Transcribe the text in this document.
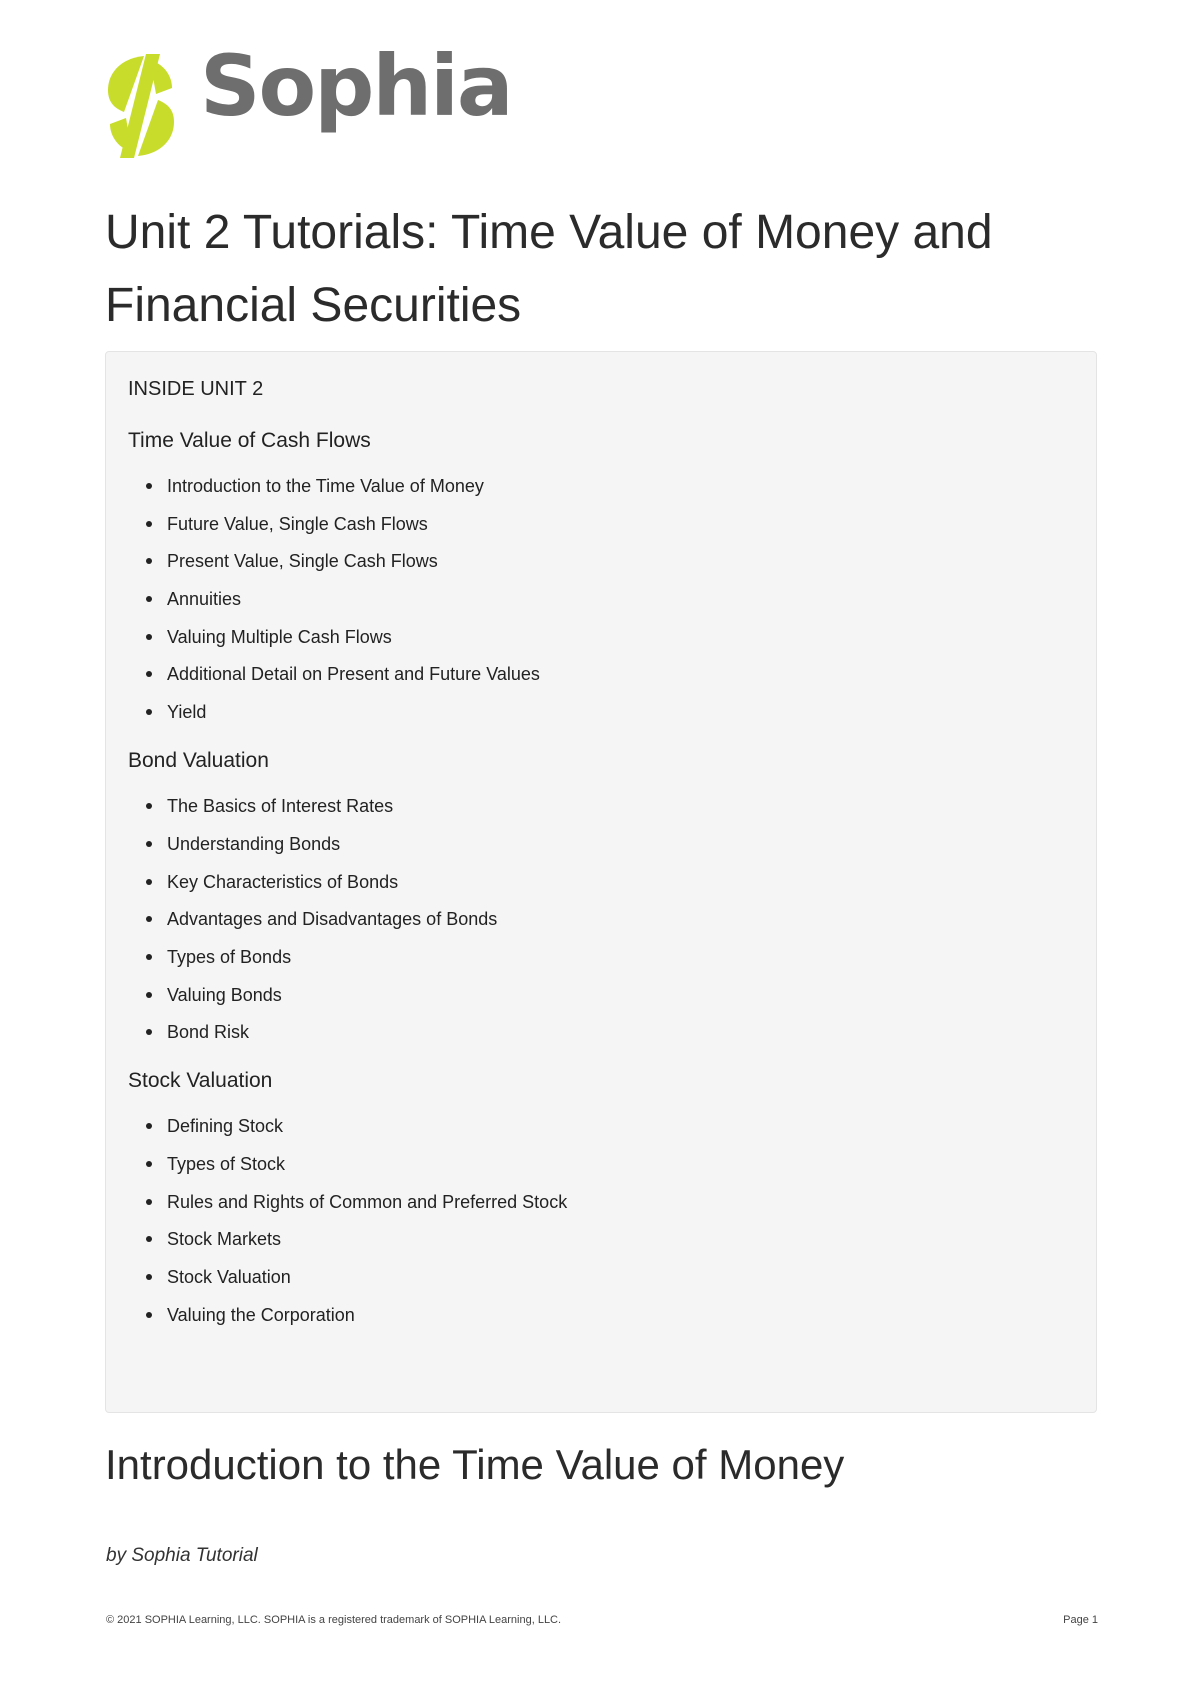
Sophia
Unit 2 Tutorials: Time Value of Money and Financial Securities
INSIDE UNIT 2
Time Value of Cash Flows
Introduction to the Time Value of Money
Future Value, Single Cash Flows
Present Value, Single Cash Flows
Annuities
Valuing Multiple Cash Flows
Additional Detail on Present and Future Values
Yield
Bond Valuation
The Basics of Interest Rates
Understanding Bonds
Key Characteristics of Bonds
Advantages and Disadvantages of Bonds
Types of Bonds
Valuing Bonds
Bond Risk
Stock Valuation
Defining Stock
Types of Stock
Rules and Rights of Common and Preferred Stock
Stock Markets
Stock Valuation
Valuing the Corporation
Introduction to the Time Value of Money
by Sophia Tutorial
© 2021 SOPHIA Learning, LLC. SOPHIA is a registered trademark of SOPHIA Learning, LLC.	Page 1
